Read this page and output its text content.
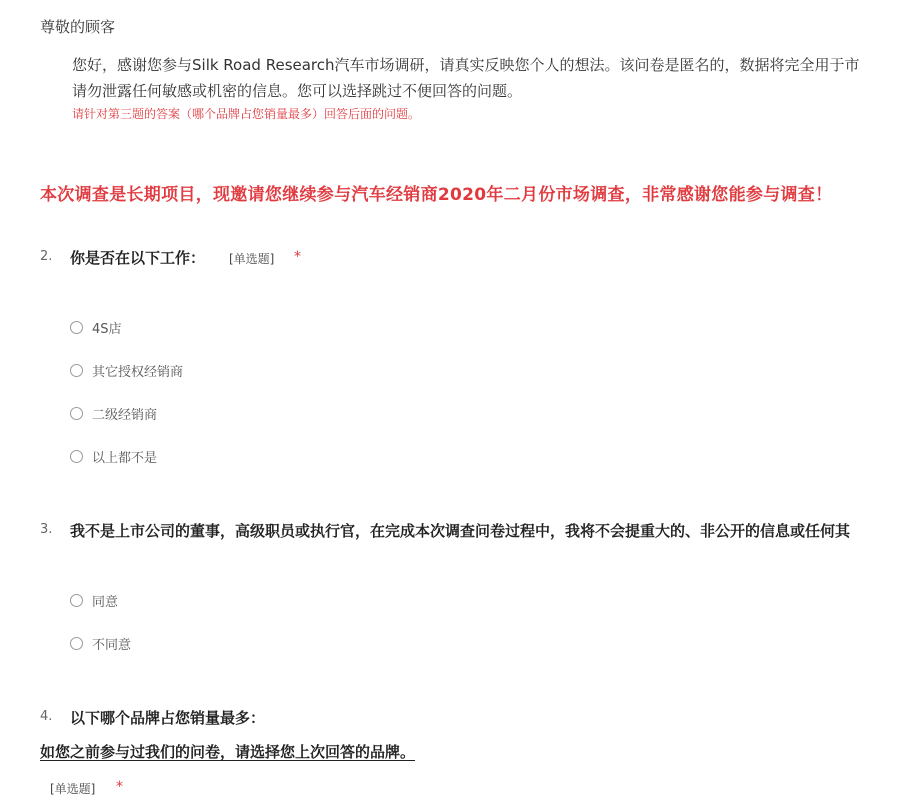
尊敬的顾客
您好，感谢您参与Silk Road Research汽车市场调研，请真实反映您个人的想法。该问卷是匿名的，数据将完全用于市
请勿泄露任何敏感或机密的信息。您可以选择跳过不便回答的问题。
请针对第三题的答案（哪个品牌占您销量最多）回答后面的问题。
本次调查是长期项目，现邀请您继续参与汽车经销商2020年二月份市场调查，非常感谢您能参与调查！
2. 你是否在以下工作： [单选题] *
4S店
其它授权经销商
二级经销商
以上都不是
3. 我不是上市公司的董事，高级职员或执行官，在完成本次调查问卷过程中，我将不会提重大的、非公开的信息或任何其
同意
不同意
4. 以下哪个品牌占您销量最多：
如您之前参与过我们的问卷，请选择您上次回答的品牌。
[单选题] *
